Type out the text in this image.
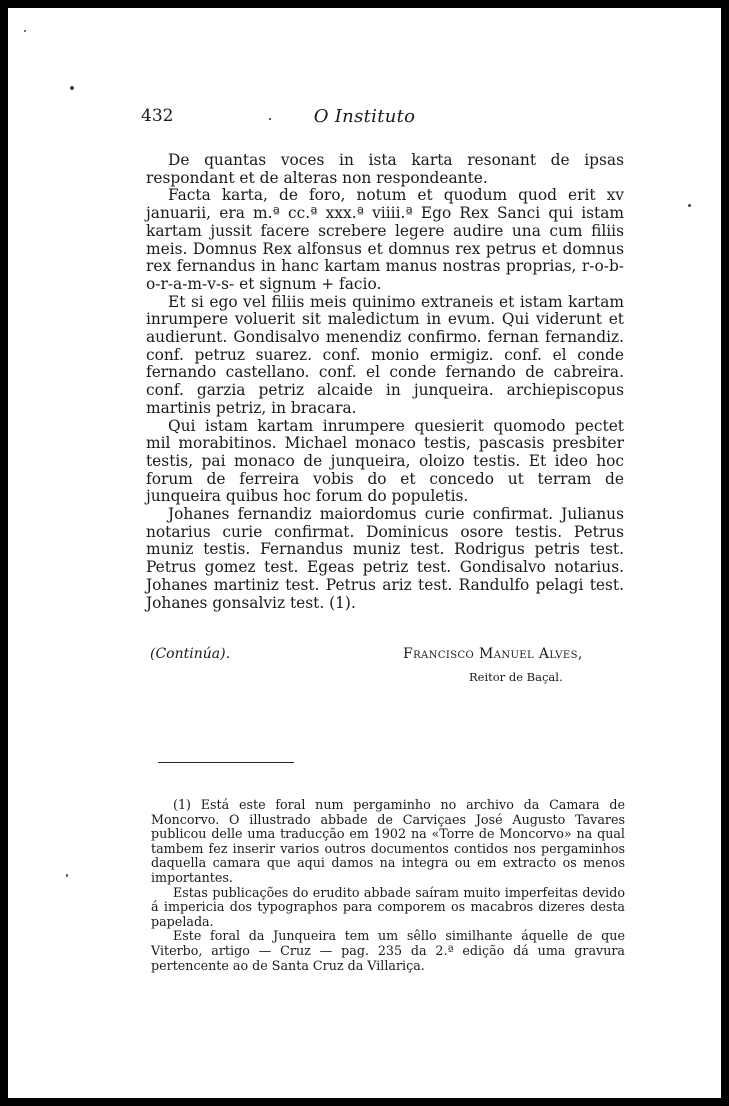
432	O Instituto

De quantas voces in ista karta resonant de ipsas respondant et de alteras non respondeante.

Facta karta, de foro, notum et quodum quod erit xv januarii, era m.ª cc.ª xxx.ª viiii.ª Ego Rex Sanci qui istam kartam jussit facere screbere legere audire una cum filiis meis. Domnus Rex alfonsus et domnus rex petrus et domnus rex fernandus in hanc kartam manus nostras proprias, r-o-b-o-r-a-m-v-s- et signum + facio.

Et si ego vel filiis meis quinimo extraneis et istam kartam inrumpere voluerit sit maledictum in evum. Qui viderunt et audierunt. Gondisalvo menendiz confirmo. fernan fernandiz. conf. petruz suarez. conf. monio ermigiz. conf. el conde fernando castellano. conf. el conde fernando de cabreira. conf. garzia petriz alcaide in junqueira. archiepiscopus martinis petriz, in bracara.

Qui istam kartam inrumpere quesierit quomodo pectet mil morabitinos. Michael monaco testis, pascasis presbiter testis, pai monaco de junqueira, oloizo testis. Et ideo hoc forum de ferreira vobis do et concedo ut terram de junqueira quibus hoc forum do populetis.

Johanes fernandiz maiordomus curie confirmat. Julianus notarius curie confirmat. Dominicus osore testis. Petrus muniz testis. Fernandus muniz test. Rodrigus petris test. Petrus gomez test. Egeas petriz test. Gondisalvo notarius. Johanes martiniz test. Petrus ariz test. Randulfo pelagi test. Johanes gonsalviz test. (1).

(Continúa).	Francisco Manuel Alves,
Reitor de Baçal.

(1) Está este foral num pergaminho no archivo da Camara de Moncorvo. O illustrado abbade de Carviçaes José Augusto Tavares publicou delle uma traducção em 1902 na «Torre de Moncorvo» na qual tambem fez inserir varios outros documentos contidos nos pergaminhos daquella camara que aqui damos na integra ou em extracto os menos importantes.

Estas publicações do erudito abbade saíram muito imperfeitas devido á impericia dos typographos para comporem os macabros dizeres desta papelada.

Este foral da Junqueira tem um sêllo similhante áquelle de que Viterbo, artigo — Cruz — pag. 235 da 2.ª edição dá uma gravura pertencente ao de Santa Cruz da Villariça.
